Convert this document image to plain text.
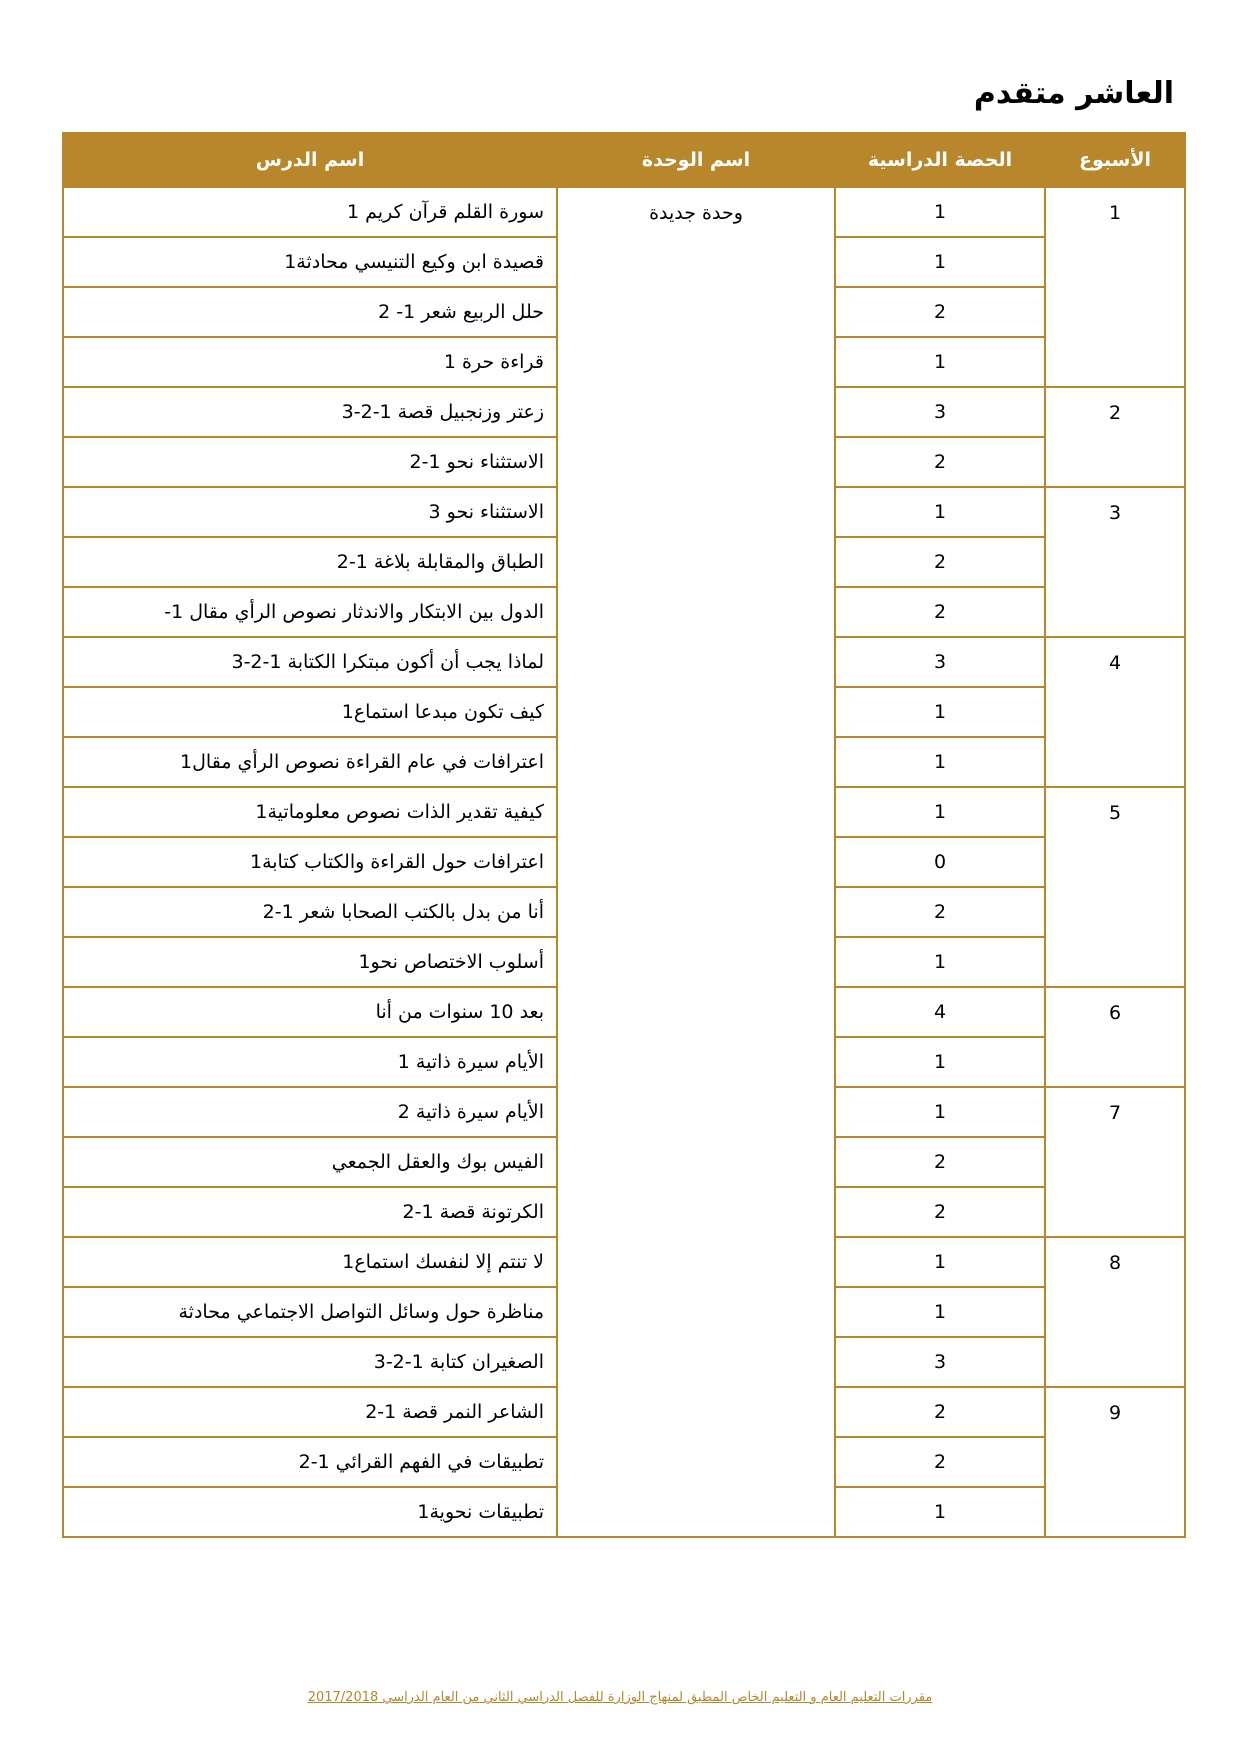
العاشر متقدم
الأسبوع	الحصة الدراسية	اسم الوحدة	اسم الدرس
1	1	وحدة جديدة	سورة القلم قرآن كريم 1
	1		قصيدة ابن وكيع التنيسي محادثة1
	2		حلل الربيع شعر 1- 2
	1		قراءة حرة 1
2	3		زعتر وزنجبيل قصة 1-2-3
	2		الاستثناء نحو 1-2
3	1		الاستثناء نحو 3
	2		الطباق والمقابلة بلاغة 1-2
	2		الدول بين الابتكار والاندثار نصوص الرأي مقال 1-
4	3		لماذا يجب أن أكون مبتكرا الكتابة 1-2-3
	1		كيف تكون مبدعا استماع1
	1		اعترافات في عام القراءة نصوص الرأي مقال1
5	1		كيفية تقدير الذات نصوص معلوماتية1
	0		اعترافات حول القراءة والكتاب كتابة1
	2		أنا من بدل بالكتب الصحابا شعر 1-2
	1		أسلوب الاختصاص نحو1
6	4		بعد 10 سنوات من أنا
	1		الأيام سيرة ذاتية 1
7	1		الأيام سيرة ذاتية 2
	2		الفيس بوك والعقل الجمعي
	2		الكرتونة قصة 1-2
8	1		لا تنتم إلا لنفسك استماع1
	1		مناظرة حول وسائل التواصل الاجتماعي محادثة
	3		الصغيران كتابة 1-2-3
9	2		الشاعر النمر قصة 1-2
	2		تطبيقات في الفهم القرائي 1-2
	1		تطبيقات نحوية1
مقررات التعليم العام و التعليم الخاص المطبق لمنهاج الوزارة للفصل الدراسي الثاني من العام الدراسي 2017/2018
